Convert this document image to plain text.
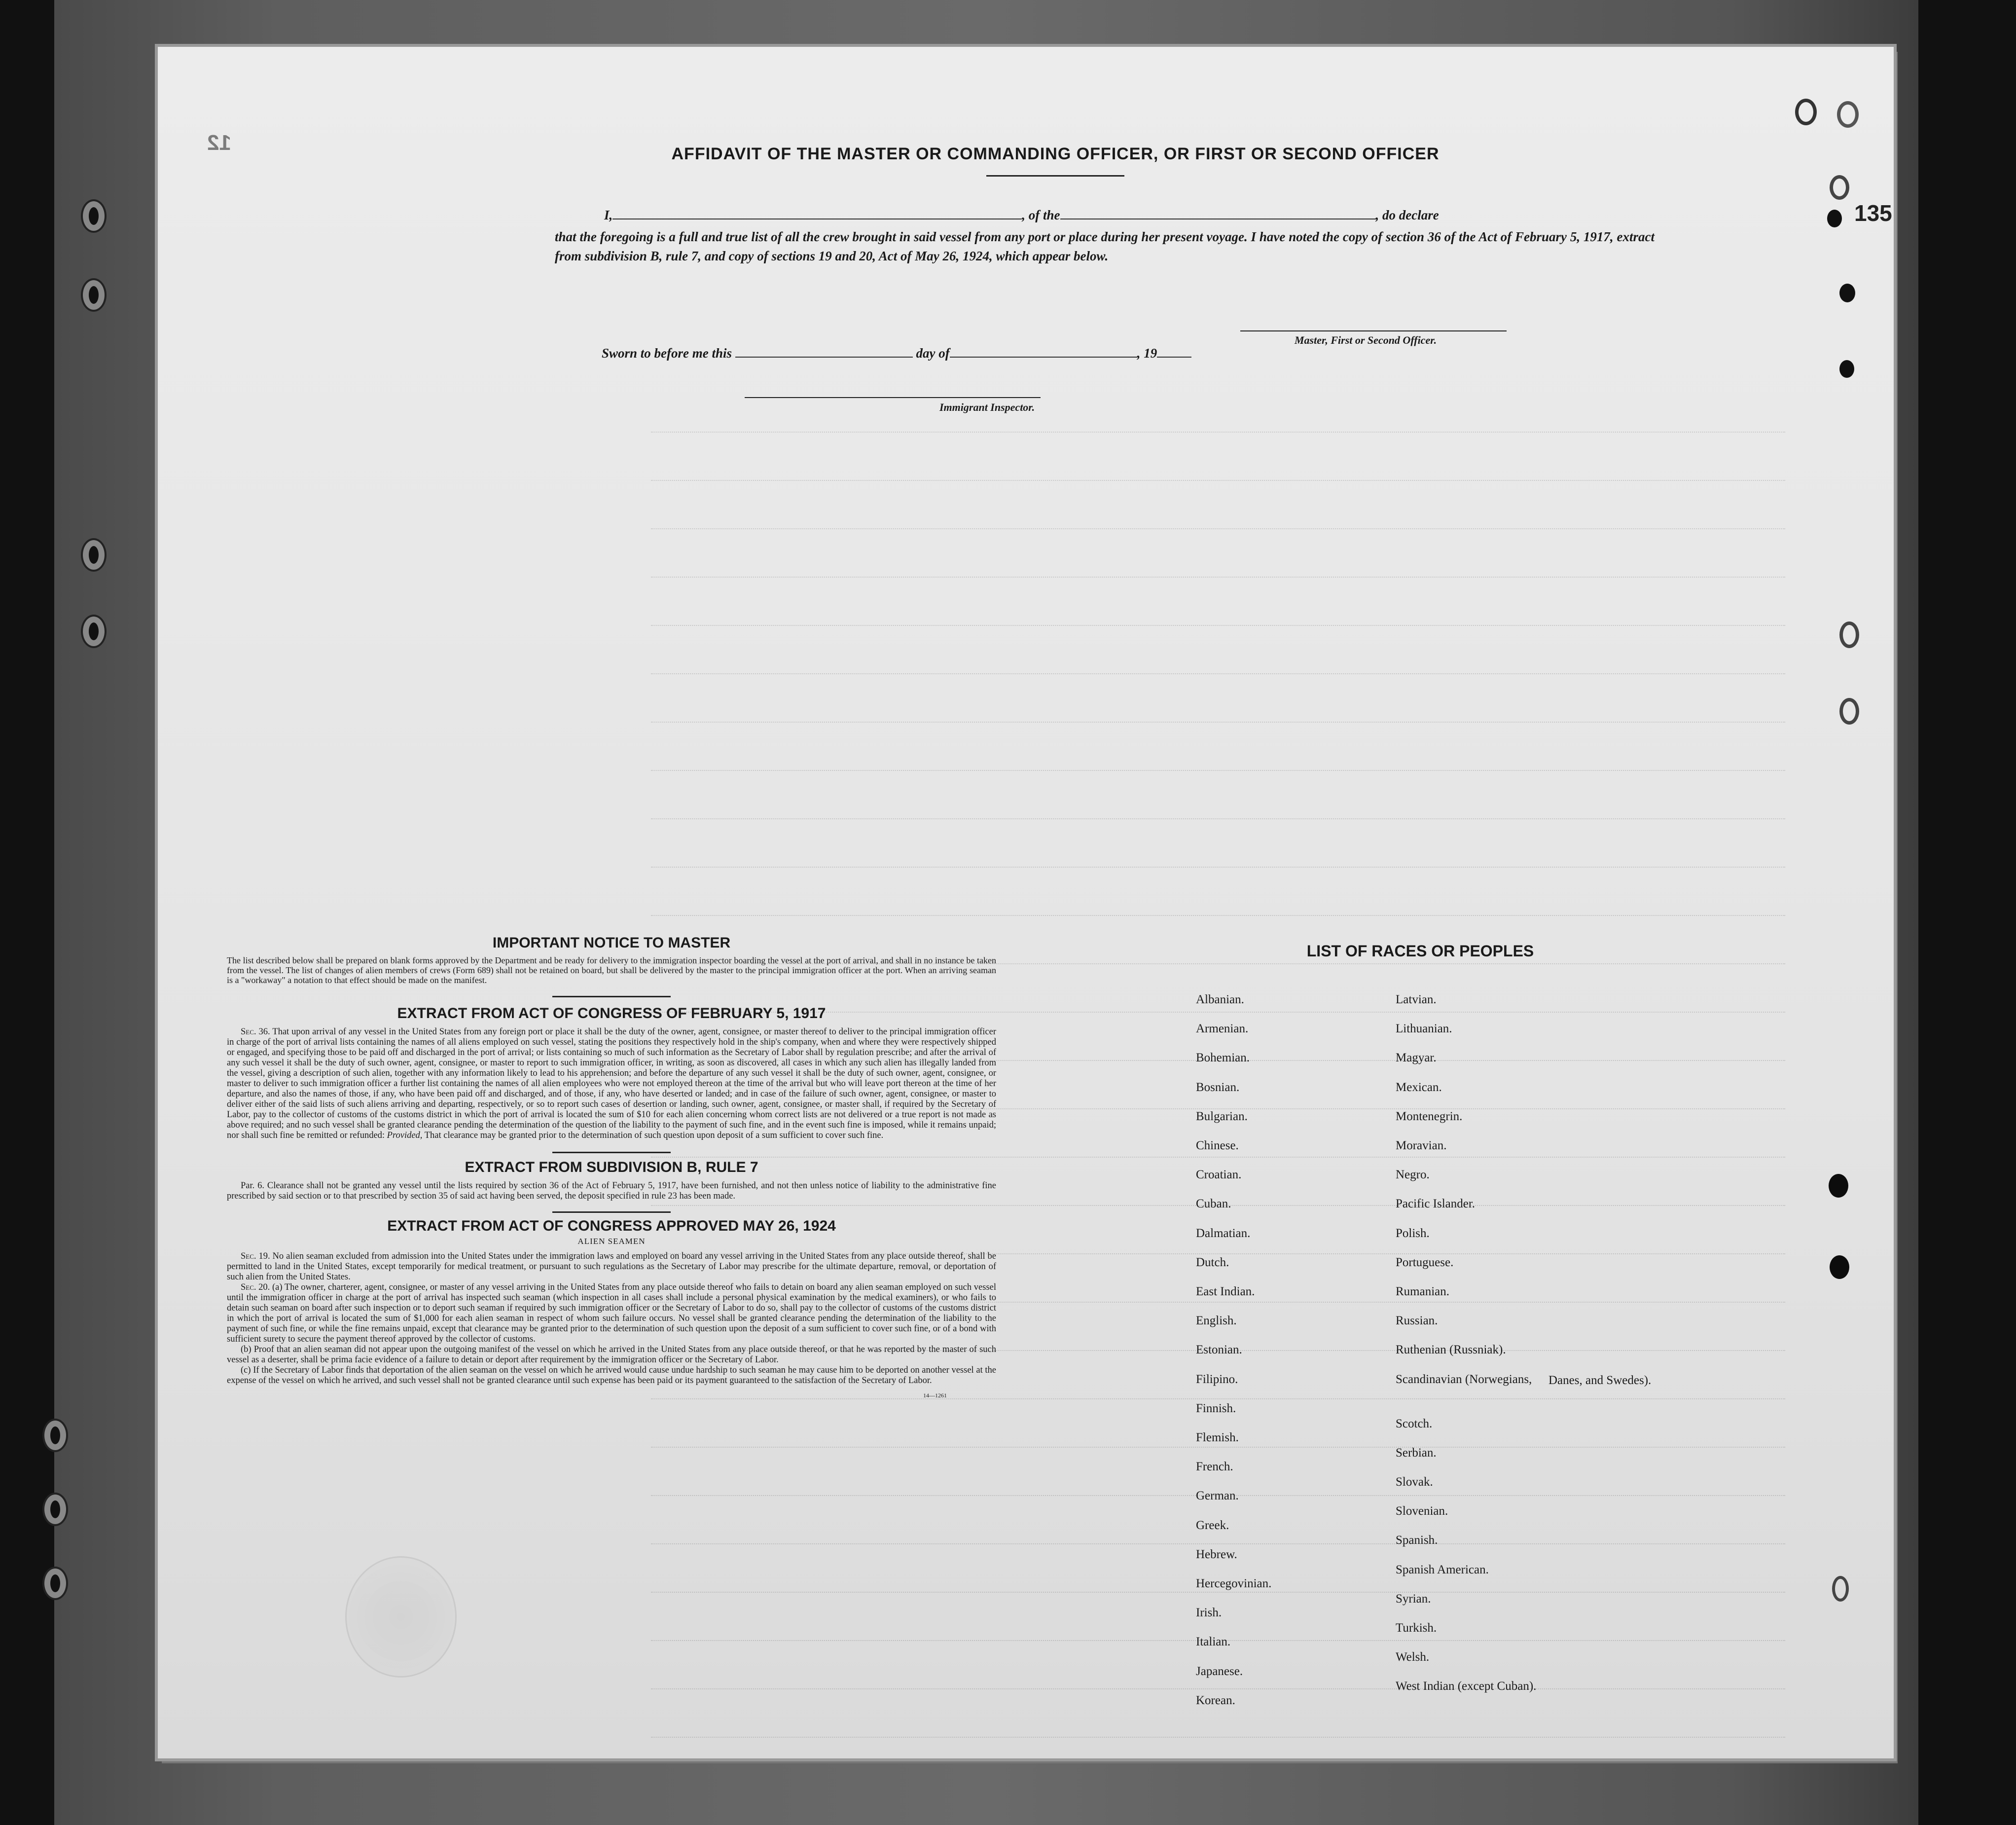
12
135
AFFIDAVIT OF THE MASTER OR COMMANDING OFFICER, OR FIRST OR SECOND OFFICER
I,	, of the	, do declare

that the foregoing is a full and true list of all the crew brought in said vessel from any port or place during her present voyage. I have noted the copy of section 36 of the Act of February 5, 1917, extract from subdivision B, rule 7, and copy of sections 19 and 20, Act of May 26, 1924, which appear below.

Master, First or Second Officer.
Sworn to before me this	day of	, 19
Immigrant Inspector.
IMPORTANT NOTICE TO MASTER

The list described below shall be prepared on blank forms approved by the Department and be ready for delivery to the immigration inspector boarding the vessel at the port of arrival, and shall in no instance be taken from the vessel. The list of changes of alien members of crews (Form 689) shall not be retained on board, but shall be delivered by the master to the principal immigration officer at the port. When an arriving seaman is a "workaway" a notation to that effect should be made on the manifest.

EXTRACT FROM ACT OF CONGRESS OF FEBRUARY 5, 1917

Sec. 36. That upon arrival of any vessel in the United States from any foreign port or place it shall be the duty of the owner, agent, consignee, or master thereof to deliver to the principal immigration officer in charge of the port of arrival lists containing the names of all aliens employed on such vessel, stating the positions they respectively hold in the ship's company, when and where they were respectively shipped or engaged, and specifying those to be paid off and discharged in the port of arrival; or lists containing so much of such information as the Secretary of Labor shall by regulation prescribe; and after the arrival of any such vessel it shall be the duty of such owner, agent, consignee, or master to report to such immigration officer, in writing, as soon as discovered, all cases in which any such alien has illegally landed from the vessel, giving a description of such alien, together with any information likely to lead to his apprehension; and before the departure of any such vessel it shall be the duty of such owner, agent, consignee, or master to deliver to such immigration officer a further list containing the names of all alien employees who were not employed thereon at the time of the arrival but who will leave port thereon at the time of her departure, and also the names of those, if any, who have been paid off and discharged, and of those, if any, who have deserted or landed; and in case of the failure of such owner, agent, consignee, or master to deliver either of the said lists of such aliens arriving and departing, respectively, or so to report such cases of desertion or landing, such owner, agent, consignee, or master shall, if required by the Secretary of Labor, pay to the collector of customs of the customs district in which the port of arrival is located the sum of $10 for each alien concerning whom correct lists are not delivered or a true report is not made as above required; and no such vessel shall be granted clearance pending the determination of the question of the liability to the payment of such fine, and in the event such fine is imposed, while it remains unpaid; nor shall such fine be remitted or refunded: Provided, That clearance may be granted prior to the determination of such question upon deposit of a sum sufficient to cover such fine.

EXTRACT FROM SUBDIVISION B, RULE 7

Par. 6. Clearance shall not be granted any vessel until the lists required by section 36 of the Act of February 5, 1917, have been furnished, and not then unless notice of liability to the administrative fine prescribed by said section or to that prescribed by section 35 of said act having been served, the deposit specified in rule 23 has been made.

EXTRACT FROM ACT OF CONGRESS APPROVED MAY 26, 1924
ALIEN SEAMEN

Sec. 19. No alien seaman excluded from admission into the United States under the immigration laws and employed on board any vessel arriving in the United States from any place outside thereof, shall be permitted to land in the United States, except temporarily for medical treatment, or pursuant to such regulations as the Secretary of Labor may prescribe for the ultimate departure, removal, or deportation of such alien from the United States.

Sec. 20. (a) The owner, charterer, agent, consignee, or master of any vessel arriving in the United States from any place outside thereof who fails to detain on board any alien seaman employed on such vessel until the immigration officer in charge at the port of arrival has inspected such seaman (which inspection in all cases shall include a personal physical examination by the medical examiners), or who fails to detain such seaman on board after such inspection or to deport such seaman if required by such immigration officer or the Secretary of Labor to do so, shall pay to the collector of customs of the customs district in which the port of arrival is located the sum of $1,000 for each alien seaman in respect of whom such failure occurs. No vessel shall be granted clearance pending the determination of the liability to the payment of such fine, or while the fine remains unpaid, except that clearance may be granted prior to the determination of such question upon the deposit of a sum sufficient to cover such fine, or of a bond with sufficient surety to secure the payment thereof approved by the collector of customs.

(b) Proof that an alien seaman did not appear upon the outgoing manifest of the vessel on which he arrived in the United States from any place outside thereof, or that he was reported by the master of such vessel as a deserter, shall be prima facie evidence of a failure to detain or deport after requirement by the immigration officer or the Secretary of Labor.

(c) If the Secretary of Labor finds that deportation of the alien seaman on the vessel on which he arrived would cause undue hardship to such seaman he may cause him to be deported on another vessel at the expense of the vessel on which he arrived, and such vessel shall not be granted clearance until such expense has been paid or its payment guaranteed to the satisfaction of the Secretary of Labor.

14—1261
LIST OF RACES OR PEOPLES
Danes, and Swedes).
Albanian.
Armenian.
Bohemian.
Bosnian.
Bulgarian.
Chinese.
Croatian.
Cuban.
Dalmatian.
Dutch.
East Indian.
English.
Estonian.
Filipino.
Finnish.
Flemish.
French.
German.
Greek.
Hebrew.
Hercegovinian.
Irish.
Italian.
Japanese.
Korean.
Latvian.
Lithuanian.
Magyar.
Mexican.
Montenegrin.
Moravian.
Negro.
Pacific Islander.
Polish.
Portuguese.
Rumanian.
Russian.
Ruthenian (Russniak).
Scandinavian (Norwegians,
Scotch.
Serbian.
Slovak.
Slovenian.
Spanish.
Spanish American.
Syrian.
Turkish.
Welsh.
West Indian (except Cuban).
